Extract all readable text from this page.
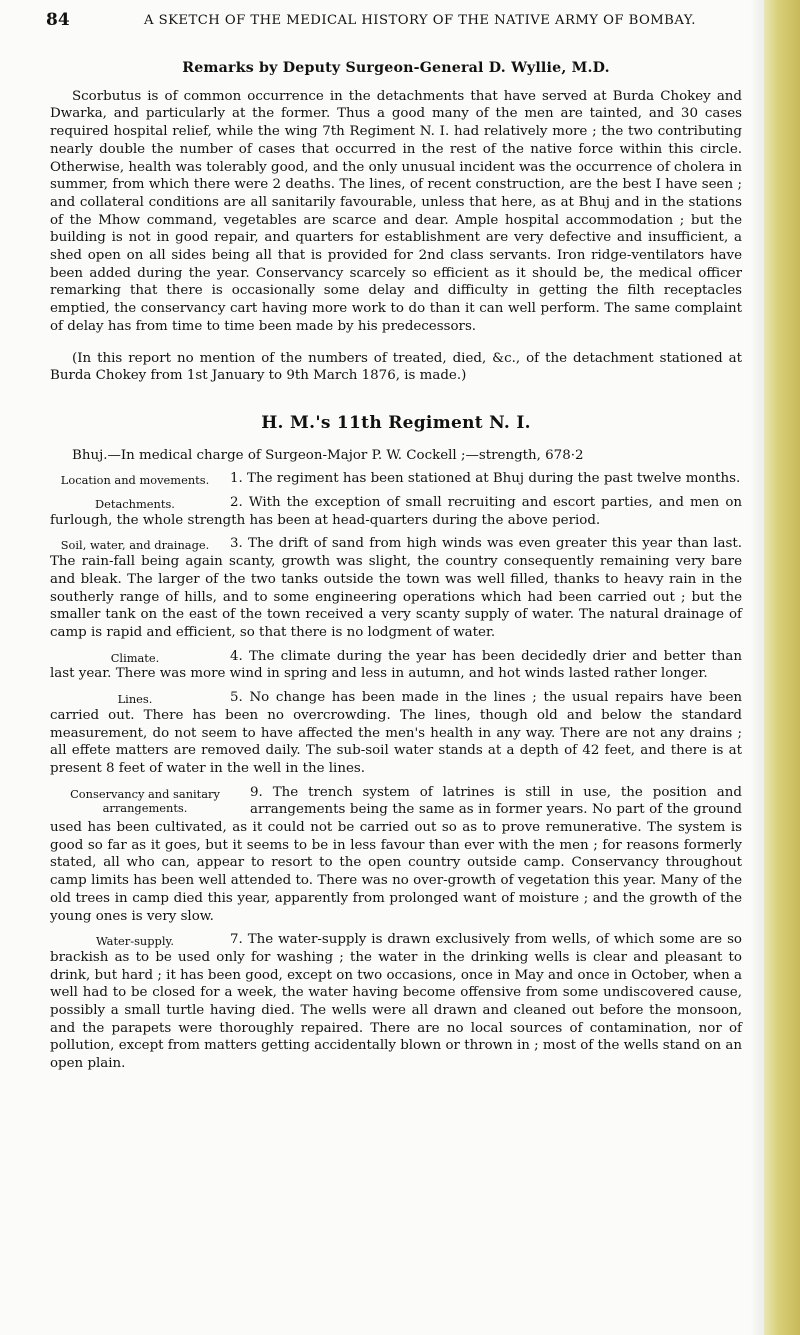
84	A SKETCH OF THE MEDICAL HISTORY OF THE NATIVE ARMY OF BOMBAY.
Remarks by Deputy Surgeon-General D. Wyllie, M.D.

Scorbutus is of common occurrence in the detachments that have served at Burda Chokey and Dwarka, and particularly at the former. Thus a good many of the men are tainted, and 30 cases required hospital relief, while the wing 7th Regiment N. I. had relatively more ; the two contributing nearly double the number of cases that occurred in the rest of the native force within this circle. Otherwise, health was tolerably good, and the only unusual incident was the occurrence of cholera in summer, from which there were 2 deaths. The lines, of recent construction, are the best I have seen ; and collateral conditions are all sanitarily favourable, unless that here, as at Bhuj and in the stations of the Mhow command, vegetables are scarce and dear. Ample hospital accommodation ; but the building is not in good repair, and quarters for establishment are very defective and insufficient, a shed open on all sides being all that is provided for 2nd class servants. Iron ridge-ventilators have been added during the year. Conservancy scarcely so efficient as it should be, the medical officer remarking that there is occasionally some delay and difficulty in getting the filth receptacles emptied, the conservancy cart having more work to do than it can well perform. The same complaint of delay has from time to time been made by his predecessors.

(In this report no mention of the numbers of treated, died, &c., of the detachment stationed at Burda Chokey from 1st January to 9th March 1876, is made.)

H. M.'s 11th Regiment N. I.

Bhuj.—In medical charge of Surgeon-Major P. W. Cockell ;—strength, 678·2

Location and movements.	1. The regiment has been stationed at Bhuj during the past twelve months.

Detachments.	2. With the exception of small recruiting and escort parties, and men on furlough, the whole strength has been at head-quarters during the above period.

Soil, water, and drainage.	3. The drift of sand from high winds was even greater this year than last. The rain-fall being again scanty, growth was slight, the country consequently remaining very bare and bleak. The larger of the two tanks outside the town was well filled, thanks to heavy rain in the southerly range of hills, and to some engineering operations which had been carried out ; but the smaller tank on the east of the town received a very scanty supply of water. The natural drainage of camp is rapid and efficient, so that there is no lodgment of water.

Climate.	4. The climate during the year has been decidedly drier and better than last year. There was more wind in spring and less in autumn, and hot winds lasted rather longer.

Lines.	5. No change has been made in the lines ; the usual repairs have been carried out. There has been no overcrowding. The lines, though old and below the standard measurement, do not seem to have affected the men's health in any way. There are not any drains ; all effete matters are removed daily. The sub-soil water stands at a depth of 42 feet, and there is at present 8 feet of water in the well in the lines.

Conservancy and sanitary arrangements.
9. The trench system of latrines is still in use, the position and arrangements being the same as in former years. No part of the ground used has been cultivated, as it could not be carried out so as to prove remunerative. The system is good so far as it goes, but it seems to be in less favour than ever with the men ; for reasons formerly stated, all who can, appear to resort to the open country outside camp. Conservancy throughout camp limits has been well attended to. There was no over-growth of vegetation this year. Many of the old trees in camp died this year, apparently from prolonged want of moisture ; and the growth of the young ones is very slow.

Water-supply.	7. The water-supply is drawn exclusively from wells, of which some are so brackish as to be used only for washing ; the water in the drinking wells is clear and pleasant to drink, but hard ; it has been good, except on two occasions, once in May and once in October, when a well had to be closed for a week, the water having become offensive from some undiscovered cause, possibly a small turtle having died. The wells were all drawn and cleaned out before the monsoon, and the parapets were thoroughly repaired. There are no local sources of contamination, nor of pollution, except from matters getting accidentally blown or thrown in ; most of the wells stand on an open plain.
